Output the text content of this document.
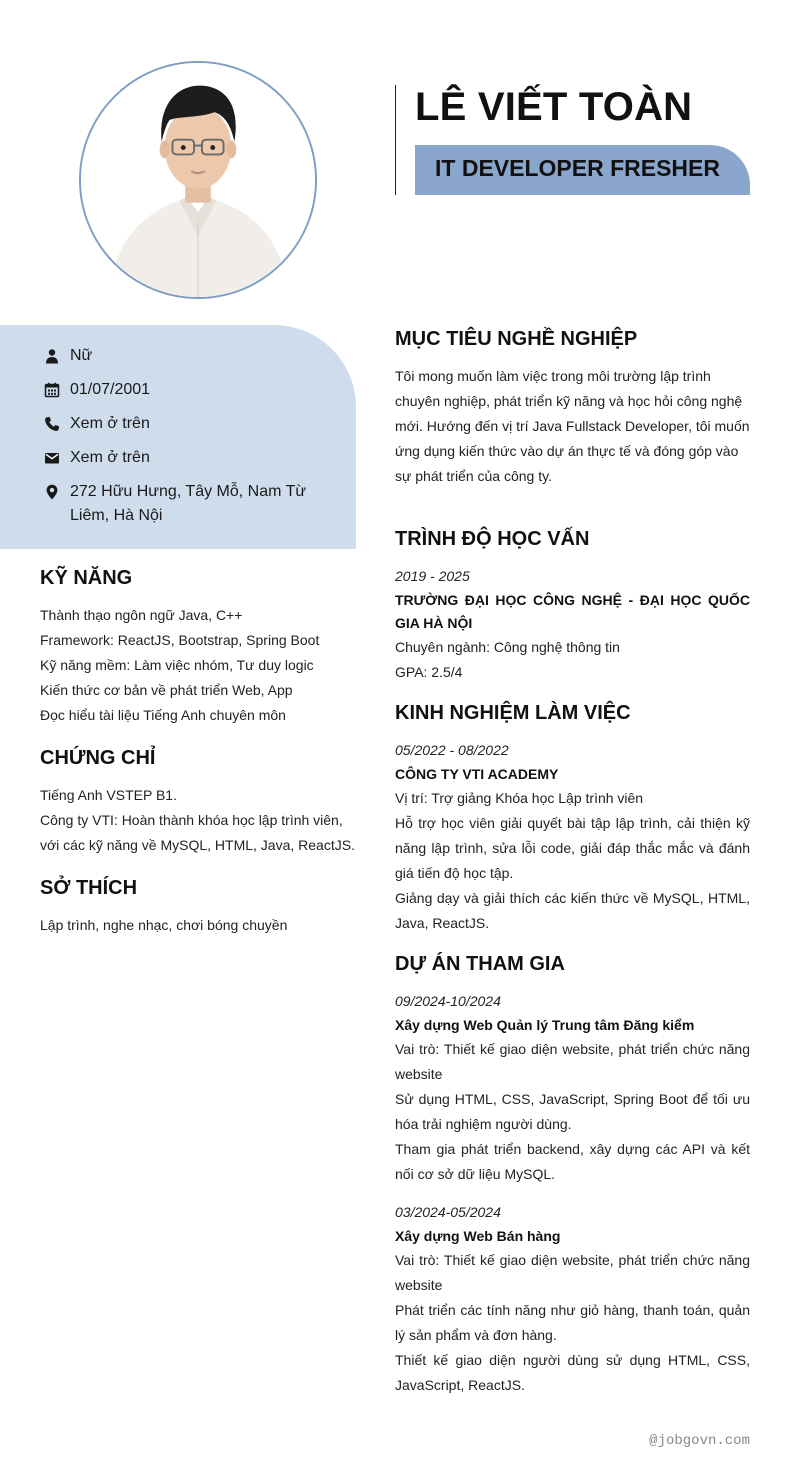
LÊ VIẾT TOÀN
IT DEVELOPER FRESHER
Nữ
01/07/2001
Xem ở trên
Xem ở trên
272 Hữu Hưng, Tây Mỗ, Nam Từ Liêm, Hà Nội
KỸ NĂNG
Thành thạo ngôn ngữ Java, C++
Framework: ReactJS, Bootstrap, Spring Boot
Kỹ năng mềm: Làm việc nhóm, Tư duy logic
Kiến thức cơ bản về phát triển Web, App
Đọc hiểu tài liệu Tiếng Anh chuyên môn
CHỨNG CHỈ
Tiếng Anh VSTEP B1.
Công ty VTI: Hoàn thành khóa học lập trình viên,
với các kỹ năng về MySQL, HTML, Java, ReactJS.
SỞ THÍCH
Lập trình, nghe nhạc, chơi bóng chuyền
MỤC TIÊU NGHỀ NGHIỆP
Tôi mong muốn làm việc trong môi trường lập trình chuyên nghiệp, phát triển kỹ năng và học hỏi công nghệ mới. Hướng đến vị trí Java Fullstack Developer, tôi muốn ứng dụng kiến thức vào dự án thực tế và đóng góp vào sự phát triển của công ty.
TRÌNH ĐỘ HỌC VẤN
2019 - 2025
TRƯỜNG ĐẠI HỌC CÔNG NGHỆ - ĐẠI HỌC QUỐC GIA HÀ NỘI
Chuyên ngành: Công nghệ thông tin
GPA: 2.5/4
KINH NGHIỆM LÀM VIỆC
05/2022 - 08/2022
CÔNG TY VTI ACADEMY
Vị trí: Trợ giảng Khóa học Lập trình viên
Hỗ trợ học viên giải quyết bài tập lập trình, cải thiện kỹ năng lập trình, sửa lỗi code, giải đáp thắc mắc và đánh giá tiến độ học tập.
Giảng dạy và giải thích các kiến thức về MySQL, HTML, Java, ReactJS.
DỰ ÁN THAM GIA
09/2024-10/2024
Xây dựng Web Quản lý Trung tâm Đăng kiểm
Vai trò: Thiết kế giao diện website, phát triển chức năng website
Sử dụng HTML, CSS, JavaScript, Spring Boot để tối ưu hóa trải nghiệm người dùng.
Tham gia phát triển backend, xây dựng các API và kết nối cơ sở dữ liệu MySQL.
03/2024-05/2024
Xây dựng Web Bán hàng
Vai trò: Thiết kế giao diện website, phát triển chức năng website
Phát triển các tính năng như giỏ hàng, thanh toán, quản lý sản phẩm và đơn hàng.
Thiết kế giao diện người dùng sử dụng HTML, CSS, JavaScript, ReactJS.
@jobgovn.com
